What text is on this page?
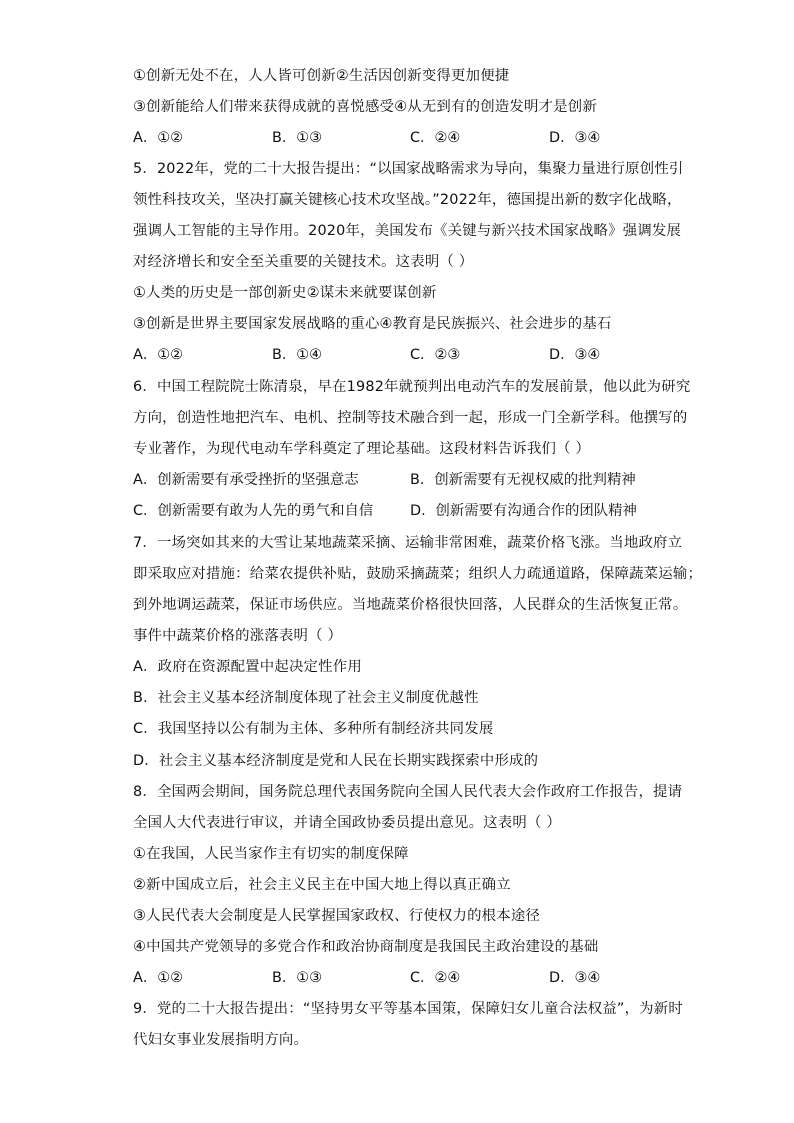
①创新无处不在，人人皆可创新②生活因创新变得更加便捷
③创新能给人们带来获得成就的喜悦感受④从无到有的创造发明才是创新
A．①②	B．①③	C．②④	D．③④
5．2022年，党的二十大报告提出：“以国家战略需求为导向，集聚力量进行原创性引
领性科技攻关，坚决打赢关键核心技术攻坚战。”2022年，德国提出新的数字化战略，
强调人工智能的主导作用。2020年，美国发布《关键与新兴技术国家战略》强调发展
对经济增长和安全至关重要的关键技术。这表明（ ）
①人类的历史是一部创新史②谋未来就要谋创新
③创新是世界主要国家发展战略的重心④教育是民族振兴、社会进步的基石
A．①②	B．①④	C．②③	D．③④
6．中国工程院院士陈清泉，早在1982年就预判出电动汽车的发展前景，他以此为研究
方向，创造性地把汽车、电机、控制等技术融合到一起，形成一门全新学科。他撰写的
专业著作，为现代电动车学科奠定了理论基础。这段材料告诉我们（ ）
A．创新需要有承受挫折的坚强意志	B．创新需要有无视权威的批判精神
C．创新需要有敢为人先的勇气和自信	D．创新需要有沟通合作的团队精神
7．一场突如其来的大雪让某地蔬菜采摘、运输非常困难，蔬菜价格飞涨。当地政府立
即采取应对措施：给菜农提供补贴，鼓励采摘蔬菜；组织人力疏通道路，保障蔬菜运输；
到外地调运蔬菜，保证市场供应。当地蔬菜价格很快回落，人民群众的生活恢复正常。
事件中蔬菜价格的涨落表明（ ）
A．政府在资源配置中起决定性作用
B．社会主义基本经济制度体现了社会主义制度优越性
C．我国坚持以公有制为主体、多种所有制经济共同发展
D．社会主义基本经济制度是党和人民在长期实践探索中形成的
8．全国两会期间，国务院总理代表国务院向全国人民代表大会作政府工作报告，提请
全国人大代表进行审议，并请全国政协委员提出意见。这表明（ ）
①在我国，人民当家作主有切实的制度保障
②新中国成立后，社会主义民主在中国大地上得以真正确立
③人民代表大会制度是人民掌握国家政权、行使权力的根本途径
④中国共产党领导的多党合作和政治协商制度是我国民主政治建设的基础
A．①②	B．①③	C．②④	D．③④
9．党的二十大报告提出：“坚持男女平等基本国策，保障妇女儿童合法权益”，为新时
代妇女事业发展指明方向。
